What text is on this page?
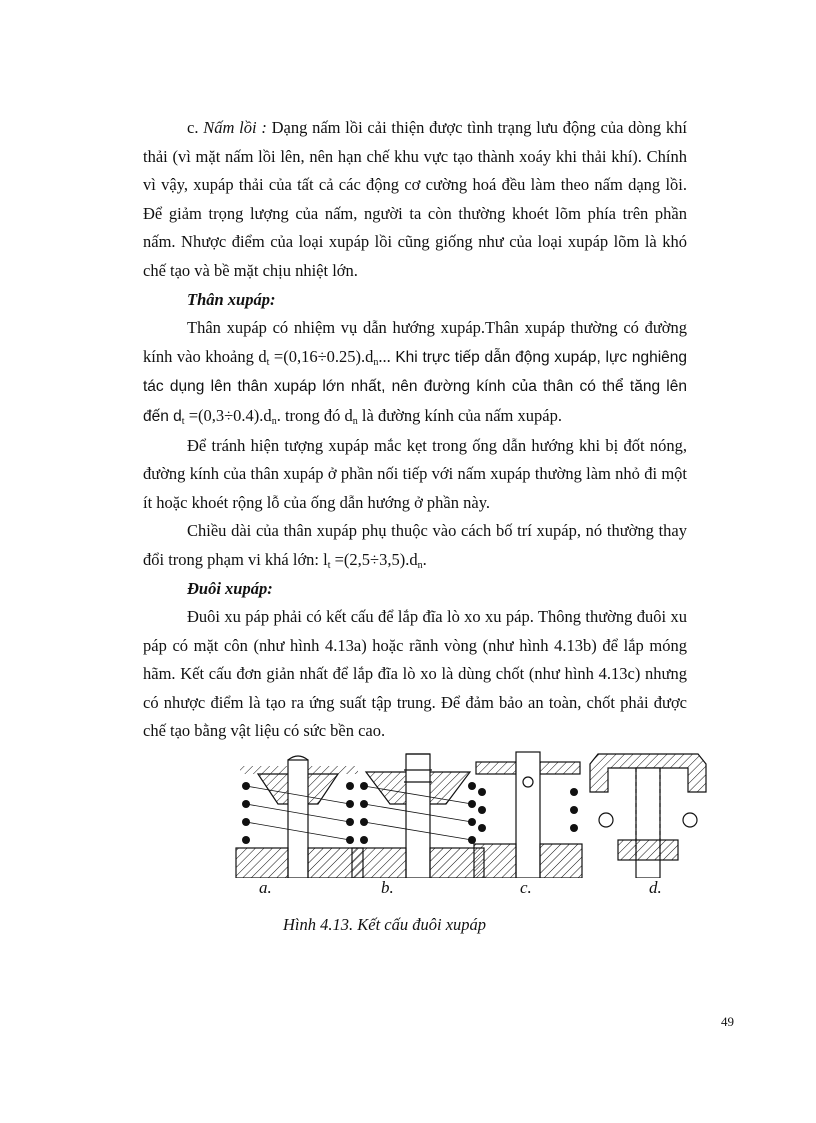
c. Nấm lồi : Dạng nấm lồi cải thiện được tình trạng lưu động của dòng khí thải (vì mặt nấm lồi lên, nên hạn chế khu vực tạo thành xoáy khi thải khí). Chính vì vậy, xupáp thải của tất cả các động cơ cường hoá đều làm theo nấm dạng lồi. Để giảm trọng lượng của nấm, người ta còn thường khoét lõm phía trên phần nấm. Nhược điểm của loại xupáp lồi cũng giống như của loại xupáp lõm là khó chế tạo và bề mặt chịu nhiệt lớn.

Thân xupáp:

Thân xupáp có nhiệm vụ dẫn hướng xupáp.Thân xupáp thường có đường kính vào khoảng $d_t =(0,16\div 0.25).d_n$... Khi trực tiếp dẫn động xupáp, lực nghiêng tác dụng lên thân xupáp lớn nhất, nên đường kính của thân có thể tăng lên đến $d_t =(0,3\div 0.4).d_n$. trong đó $d_n$ là đường kính của nấm xupáp.

Để tránh hiện tượng xupáp mắc kẹt trong ống dẫn hướng khi bị đốt nóng, đường kính của thân xupáp ở phần nối tiếp với nấm xupáp thường làm nhỏ đi một ít hoặc khoét rộng lỗ của ống dẫn hướng ở phần này.

Chiều dài của thân xupáp phụ thuộc vào cách bố trí xupáp, nó thường thay đổi trong phạm vi khá lớn: $l_t =(2,5\div 3,5).d_n$.

Đuôi xupáp:

Đuôi xu páp phải có kết cấu để lắp đĩa lò xo xu páp. Thông thường đuôi xu páp có mặt côn (như hình 4.13a) hoặc rãnh vòng (như hình 4.13b) để lắp móng hãm. Kết cấu đơn giản nhất để lắp đĩa lò xo là dùng chốt (như hình 4.13c) nhưng có nhược điểm là tạo ra ứng suất tập trung. Để đảm bảo an toàn, chốt phải được chế tạo bằng vật liệu có sức bền cao.

a.	b.	c.	d.
Hình 4.13. Kết cấu đuôi xupáp
49
